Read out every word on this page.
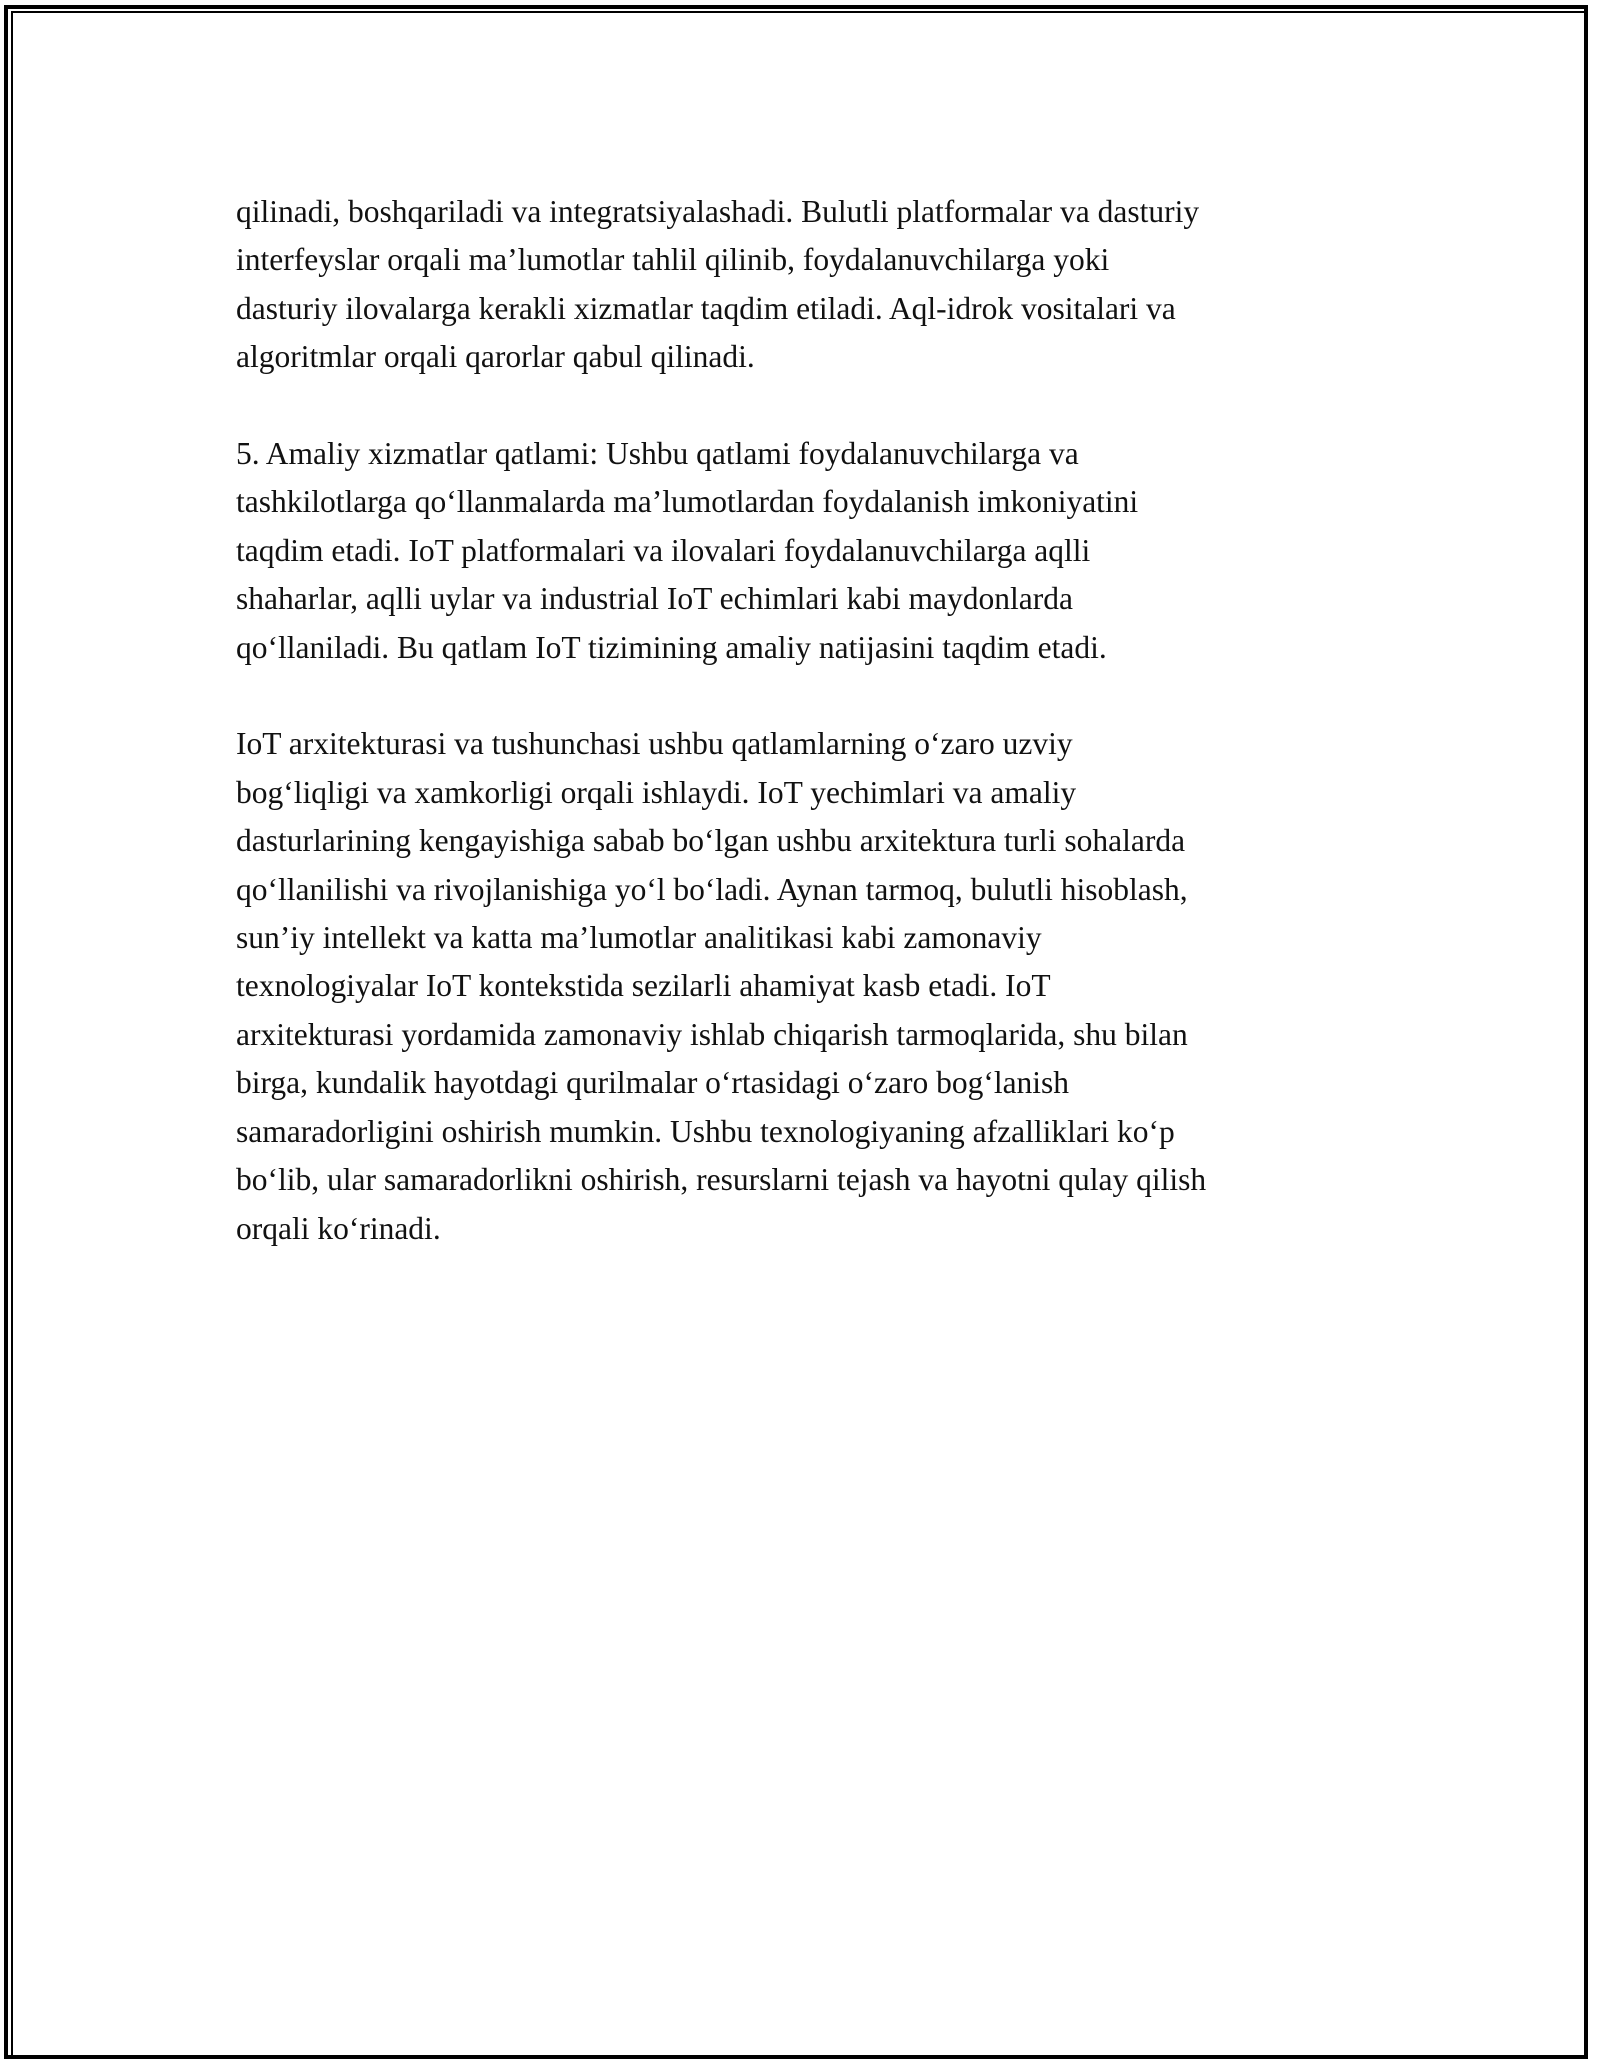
qilinadi, boshqariladi va integratsiyalashadi. Bulutli platformalar va dasturiy
interfeyslar orqali ma’lumotlar tahlil qilinib, foydalanuvchilarga yoki
dasturiy ilovalarga kerakli xizmatlar taqdim etiladi. Aql-idrok vositalari va
algoritmlar orqali qarorlar qabul qilinadi.
5. Amaliy xizmatlar qatlami: Ushbu qatlami foydalanuvchilarga va
tashkilotlarga qo‘llanmalarda ma’lumotlardan foydalanish imkoniyatini
taqdim etadi. IoT platformalari va ilovalari foydalanuvchilarga aqlli
shaharlar, aqlli uylar va industrial IoT echimlari kabi maydonlarda
qo‘llaniladi. Bu qatlam IoT tizimining amaliy natijasini taqdim etadi.
IoT arxitekturasi va tushunchasi ushbu qatlamlarning o‘zaro uzviy
bog‘liqligi va xamkorligi orqali ishlaydi. IoT yechimlari va amaliy
dasturlarining kengayishiga sabab bo‘lgan ushbu arxitektura turli sohalarda
qo‘llanilishi va rivojlanishiga yo‘l bo‘ladi. Aynan tarmoq, bulutli hisoblash,
sun’iy intellekt va katta ma’lumotlar analitikasi kabi zamonaviy
texnologiyalar IoT kontekstida sezilarli ahamiyat kasb etadi. IoT
arxitekturasi yordamida zamonaviy ishlab chiqarish tarmoqlarida, shu bilan
birga, kundalik hayotdagi qurilmalar o‘rtasidagi o‘zaro bog‘lanish
samaradorligini oshirish mumkin. Ushbu texnologiyaning afzalliklari ko‘p
bo‘lib, ular samaradorlikni oshirish, resurslarni tejash va hayotni qulay qilish
orqali ko‘rinadi.
